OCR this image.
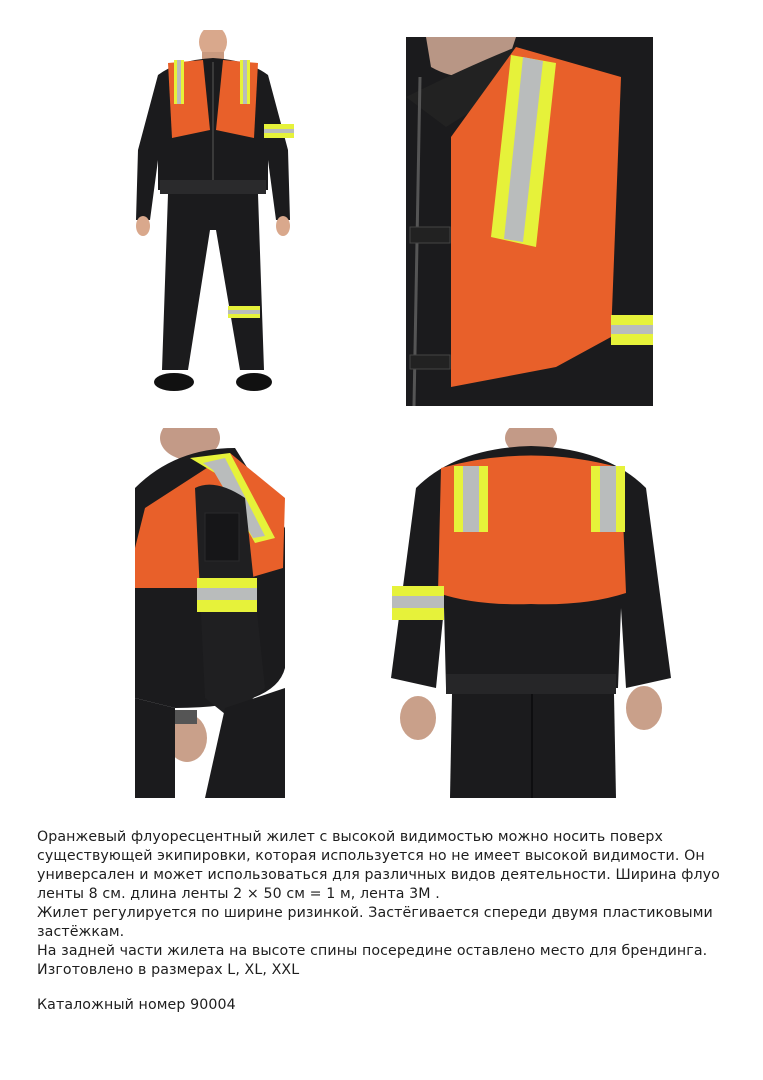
Оранжевый флуоресцентный жилет с высокой видимостью можно носить поверх

существующей экипировки, которая используется но не имеет высокой видимости. Он

универсален и может использоваться для различных видов деятельности. Ширина флуо

ленты 8 см. длина ленты 2 × 50 см = 1 м, лента 3М .

Жилет регулируется по ширине ризинкой. Застёгивается спереди двумя пластиковыми

застёжкам.

На задней части жилета на высоте спины посередине оставлено место для брендинга.

Изготовлено в размерах L, XL, XXL

Каталожный номер 90004
